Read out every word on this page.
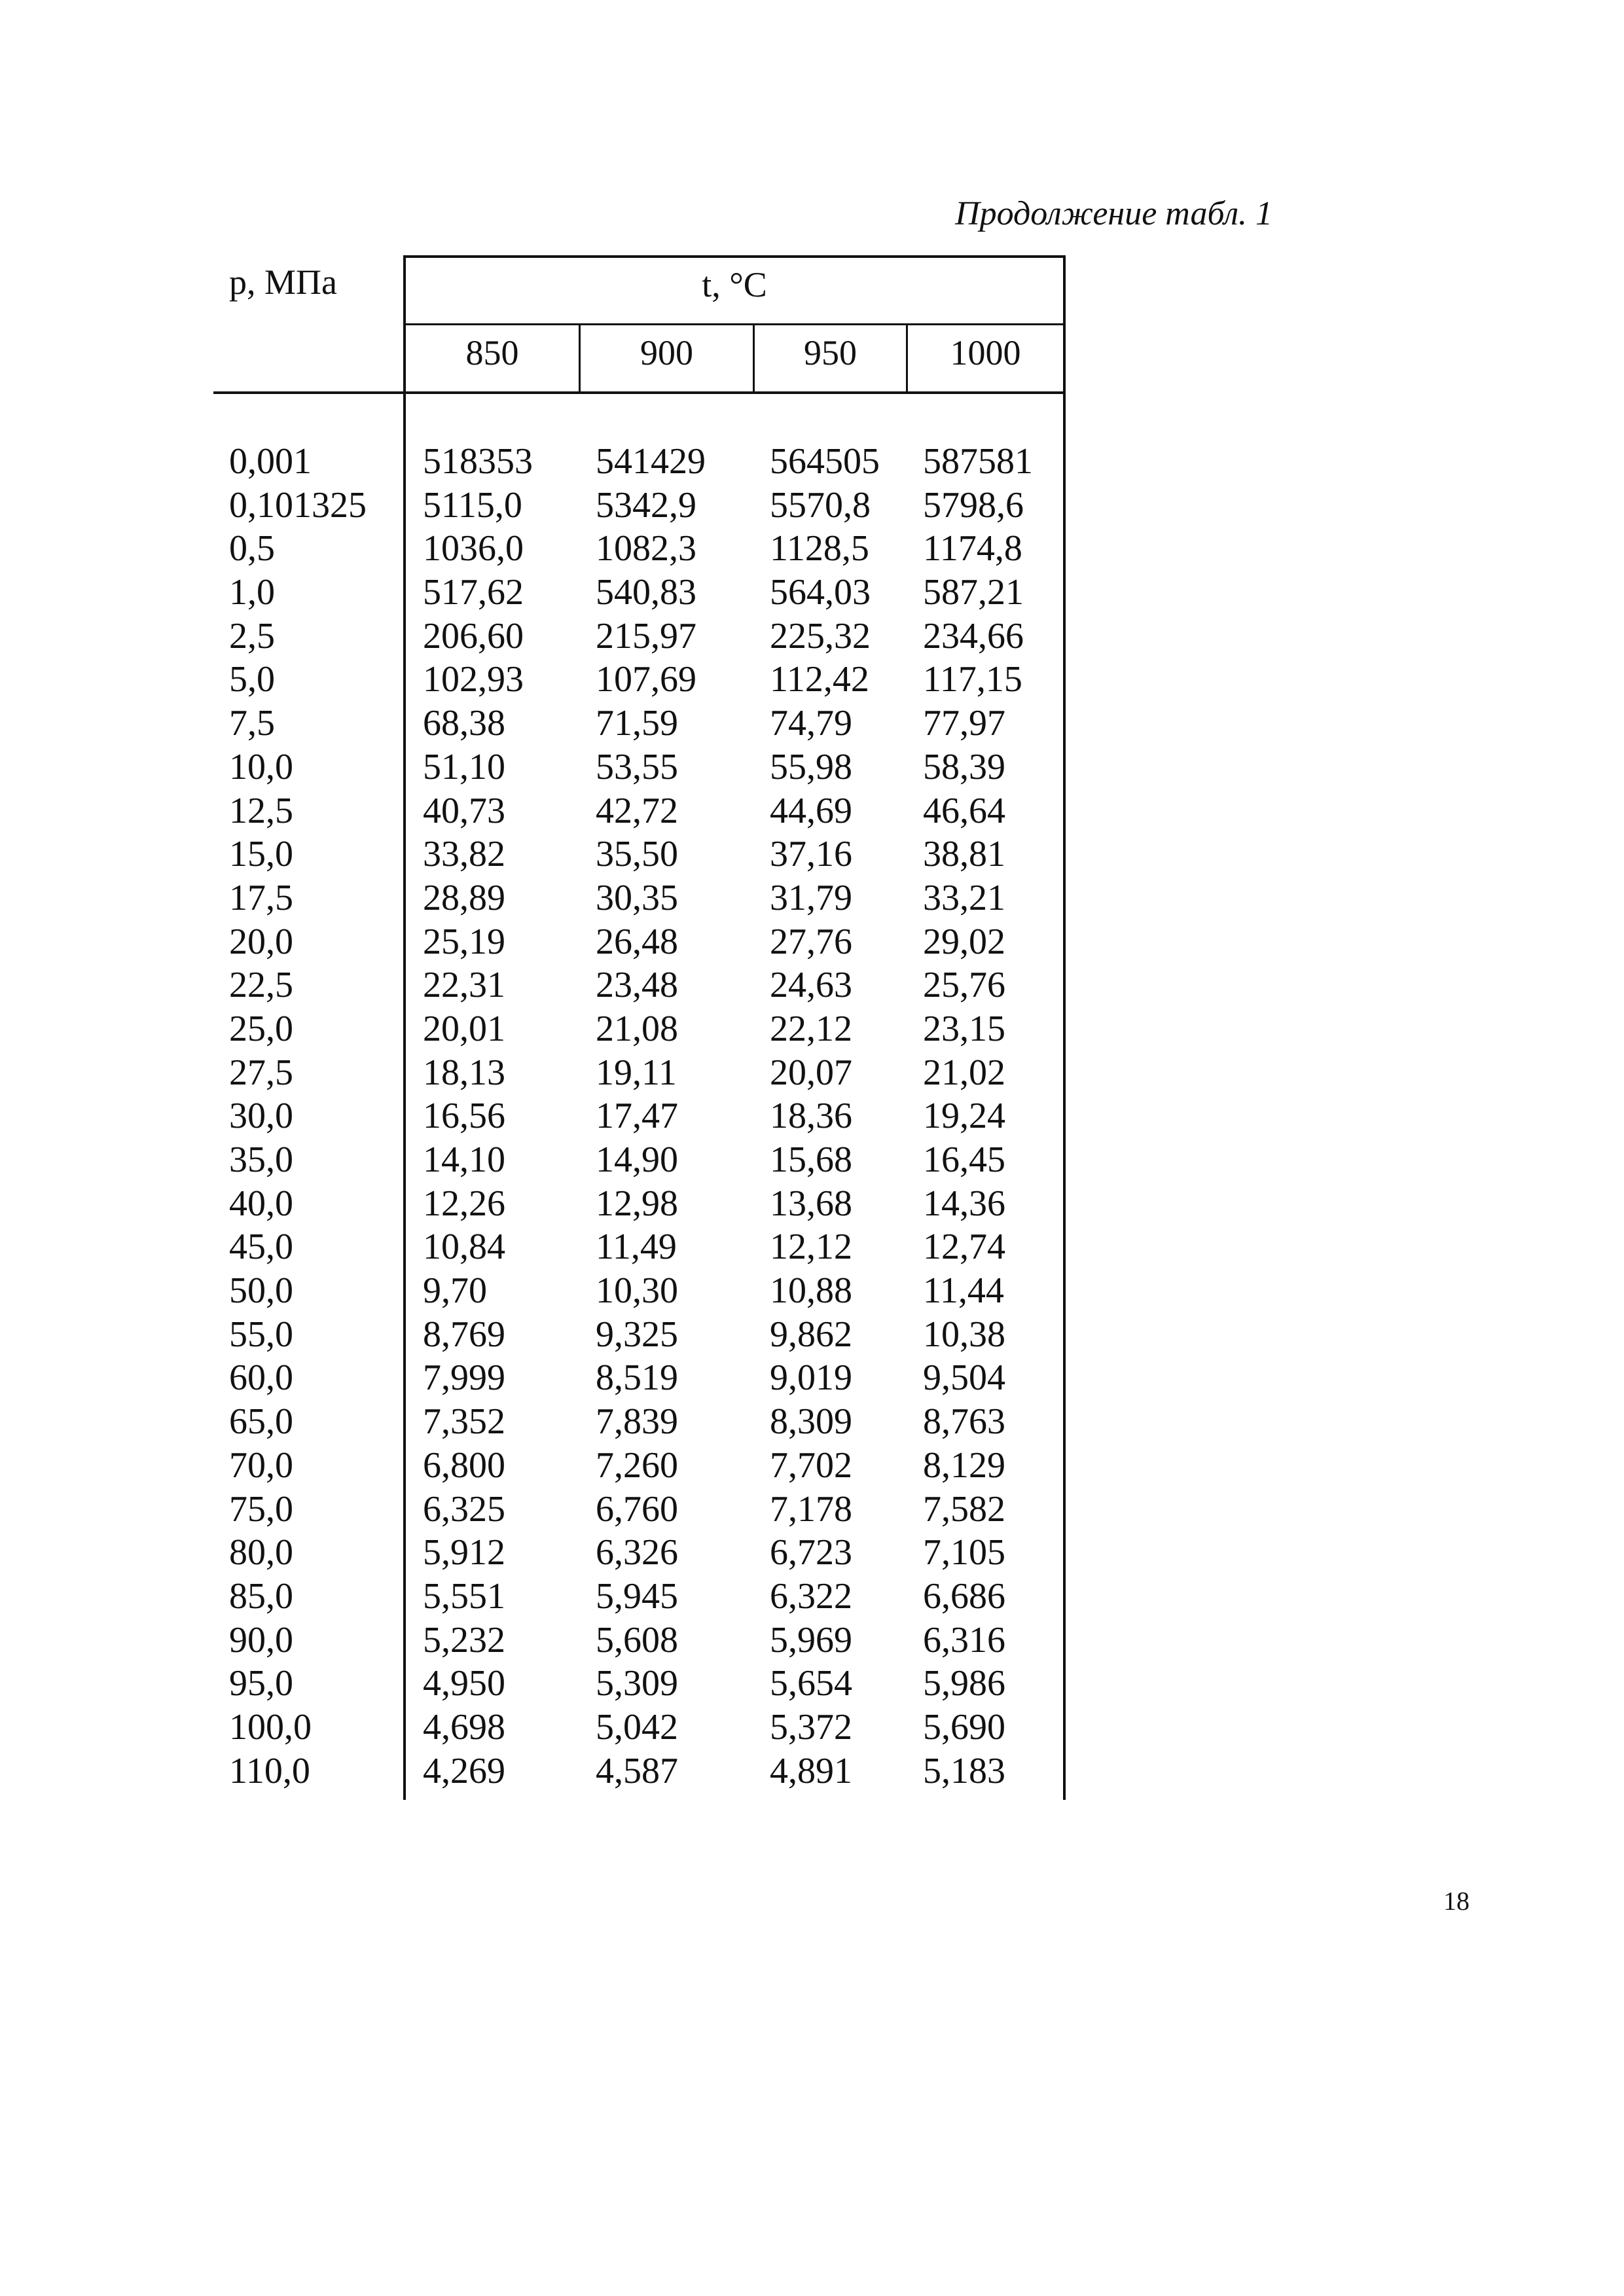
Продолжение табл. 1
p, МПа	t, °C
850	900	950	1000
0,001	518353 541429 564505 587581
0,101325 5115,0 5342,9 5570,8 5798,6
0,5	1036,0 1082,3 1128,5 1174,8
1,0	517,62 540,83 564,03 587,21
2,5	206,60 215,97 225,32 234,66
5,0	102,93 107,69 112,42 117,15
7,5	68,38 71,59	74,79 77,97
10,0	51,10 53,55	55,98 58,39
12,5	40,73 42,72	44,69 46,64
15,0	33,82 35,50	37,16 38,81
17,5	28,89 30,35	31,79 33,21
20,0	25,19 26,48	27,76 29,02
22,5	22,31 23,48	24,63 25,76
25,0	20,01 21,08	22,12 23,15
27,5	18,13 19,11	20,07 21,02
30,0	16,56 17,47	18,36 19,24
35,0	14,10 14,90	15,68 16,45
40,0	12,26 12,98	13,68 14,36
45,0	10,84 11,49	12,12 12,74
50,0	9,70	10,30	10,88 11,44
55,0	8,769 9,325	9,862 10,38
60,0	7,999 8,519	9,019 9,504
65,0	7,352 7,839	8,309 8,763
70,0	6,800 7,260	7,702 8,129
75,0	6,325 6,760	7,178 7,582
80,0	5,912 6,326	6,723 7,105
85,0	5,551 5,945	6,322 6,686
90,0	5,232 5,608	5,969 6,316
95,0	4,950 5,309	5,654 5,986
100,0	4,698 5,042	5,372 5,690
110,0	4,269 4,587	4,891 5,183
18
